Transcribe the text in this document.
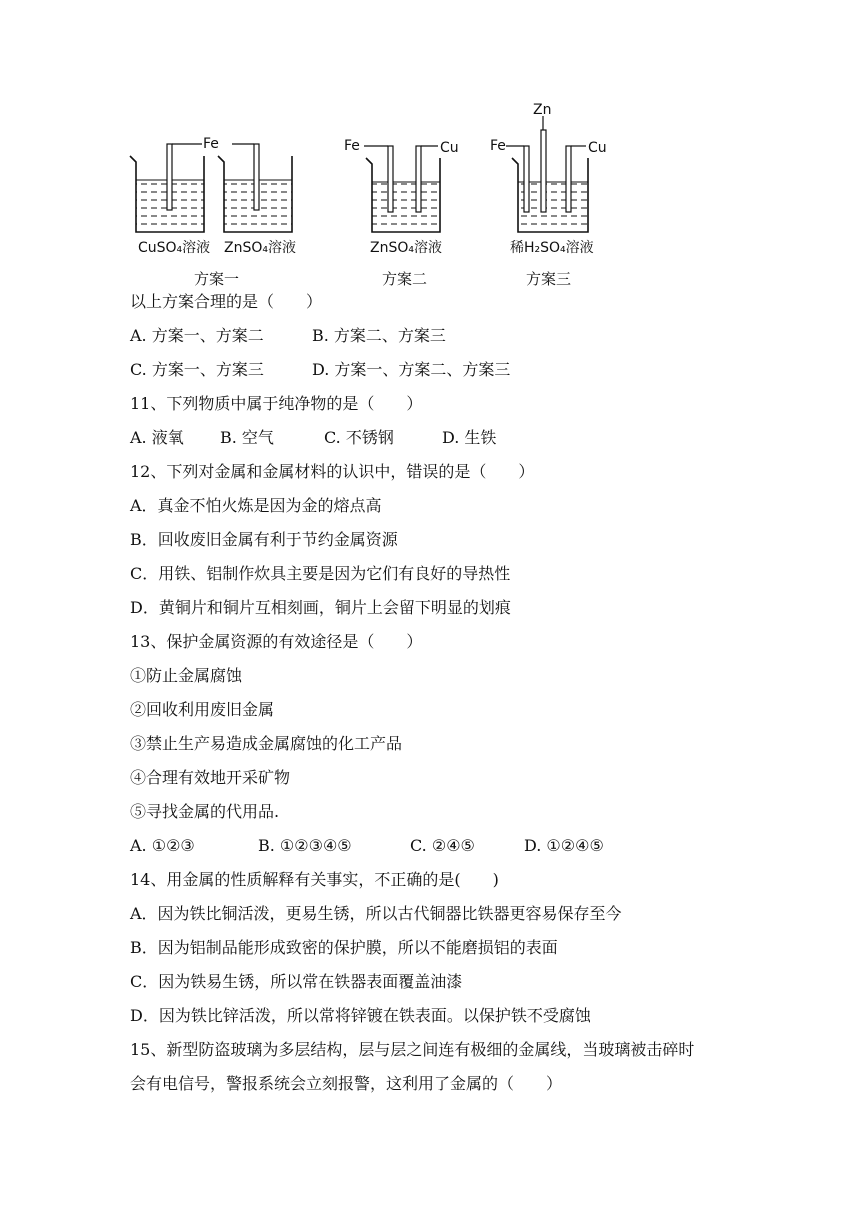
Fe
CuSO₄溶液 ZnSO₄溶液
方案一
Fe	Cu
ZnSO₄溶液
方案二
Zn
Fe	Cu
稀H₂SO₄溶液
方案三
以上方案合理的是（　　）
A. 方案一、方案二	B. 方案二、方案三
C. 方案一、方案三	D. 方案一、方案二、方案三
11、下列物质中属于纯净物的是（　　）
A. 液氧 B. 空气	C. 不锈钢	D. 生铁
12、下列对金属和金属材料的认识中，错误的是（　　）
A．真金不怕火炼是因为金的熔点高
B．回收废旧金属有利于节约金属资源
C．用铁、铝制作炊具主要是因为它们有良好的导热性
D．黄铜片和铜片互相刻画，铜片上会留下明显的划痕
13、保护金属资源的有效途径是（　　）
①防止金属腐蚀
②回收利用废旧金属
③禁止生产易造成金属腐蚀的化工产品
④合理有效地开采矿物
⑤寻找金属的代用品.
A. ①②③	B. ①②③④⑤	C. ②④⑤	D. ①②④⑤
14、用金属的性质解释有关事实，不正确的是(　　)
A．因为铁比铜活泼，更易生锈，所以古代铜器比铁器更容易保存至今
B．因为铝制品能形成致密的保护膜，所以不能磨损铝的表面
C．因为铁易生锈，所以常在铁器表面覆盖油漆
D．因为铁比锌活泼，所以常将锌镀在铁表面。以保护铁不受腐蚀
15、新型防盗玻璃为多层结构，层与层之间连有极细的金属线，当玻璃被击碎时
会有电信号，警报系统会立刻报警，这利用了金属的（　　）
